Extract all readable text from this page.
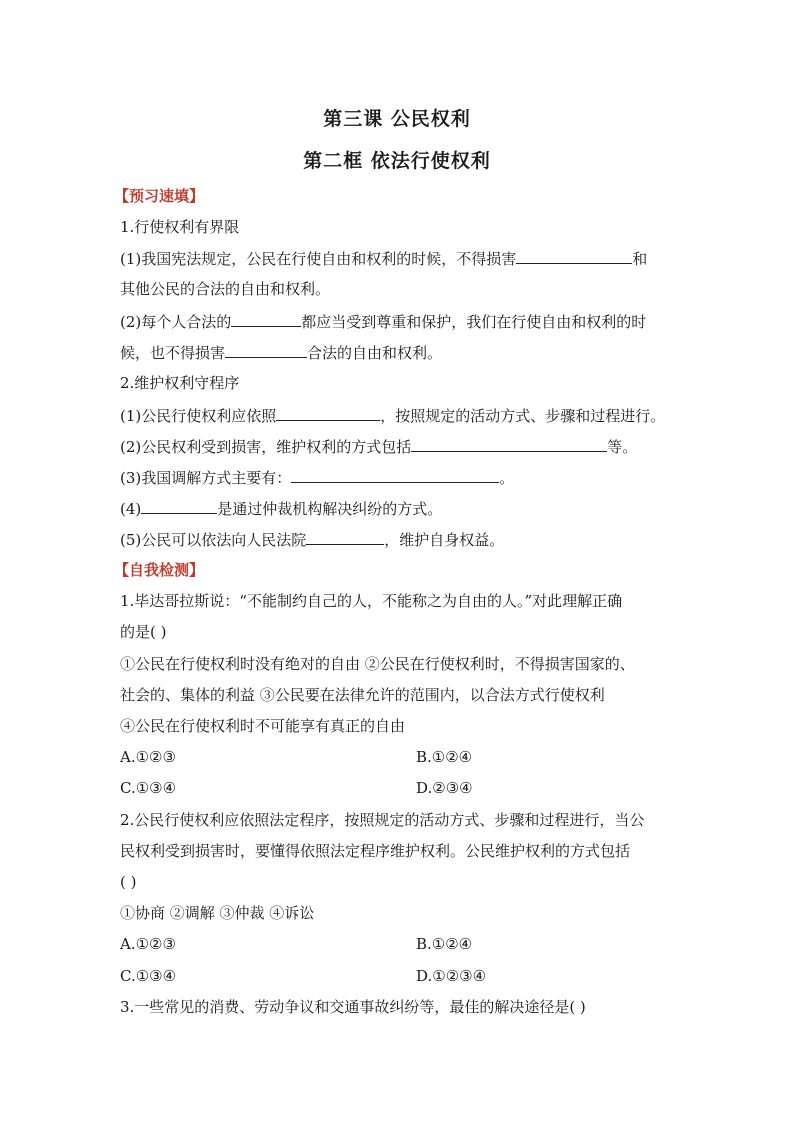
第三课 公民权利
第二框 依法行使权利
【预习速填】
1.行使权利有界限
(1)我国宪法规定，公民在行使自由和权利的时候，不得损害	和
其他公民的合法的自由和权利。
(2)每个人合法的	都应当受到尊重和保护，我们在行使自由和权利的时
候，也不得损害	合法的自由和权利。
2.维护权利守程序
(1)公民行使权利应依照	，按照规定的活动方式、步骤和过程进行。
(2)公民权利受到损害，维护权利的方式包括	等。
(3)我国调解方式主要有：	。
(4)	是通过仲裁机构解决纠纷的方式。
(5)公民可以依法向人民法院	，维护自身权益。
【自我检测】
1.毕达哥拉斯说：“不能制约自己的人，不能称之为自由的人。”对此理解正确
的是( )
①公民在行使权利时没有绝对的自由 ②公民在行使权利时，不得损害国家的、
社会的、集体的利益 ③公民要在法律允许的范围内，以合法方式行使权利
④公民在行使权利时不可能享有真正的自由
A.①②③	B.①②④
C.①③④	D.②③④
2.公民行使权利应依照法定程序，按照规定的活动方式、步骤和过程进行，当公
民权利受到损害时，要懂得依照法定程序维护权利。公民维护权利的方式包括
( )
①协商 ②调解 ③仲裁 ④诉讼
A.①②③	B.①②④
C.①③④	D.①②③④
3.一些常见的消费、劳动争议和交通事故纠纷等，最佳的解决途径是( )
